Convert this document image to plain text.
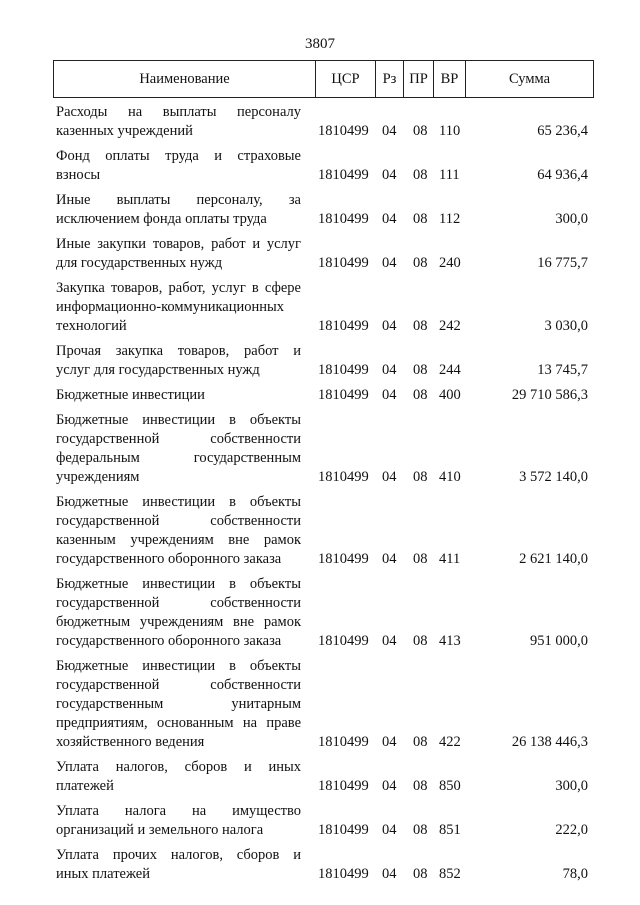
3807
Наименование	ЦСР	Рз ПР ВР	Сумма
Расходы на выплаты персоналу
казенных учреждений	1810499 04 08 110	65 236,4
Фонд оплаты труда и страховые
взносы	1810499 04 08 111	64 936,4
Иные выплаты персоналу, за
исключением фонда оплаты труда	1810499 04 08 112	300,0
Иные закупки товаров, работ и услуг
для государственных нужд	1810499 04 08 240	16 775,7
Закупка товаров, работ, услуг в сфере
информационно-коммуникационных
технологий	1810499 04 08 242	3 030,0
Прочая закупка товаров, работ и
услуг для государственных нужд	1810499 04 08 244	13 745,7
Бюджетные инвестиции	1810499 04 08 400	29 710 586,3
Бюджетные инвестиции в объекты
государственной собственности
федеральным государственным
учреждениям	1810499 04 08 410	3 572 140,0
Бюджетные инвестиции в объекты
государственной собственности
казенным учреждениям вне рамок
государственного оборонного заказа	1810499 04 08 411	2 621 140,0
Бюджетные инвестиции в объекты
государственной собственности
бюджетным учреждениям вне рамок
государственного оборонного заказа	1810499 04 08 413	951 000,0
Бюджетные инвестиции в объекты
государственной собственности
государственным унитарным
предприятиям, основанным на праве
хозяйственного ведения	1810499 04 08 422	26 138 446,3
Уплата налогов, сборов и иных
платежей	1810499 04 08 850	300,0
Уплата налога на имущество
организаций и земельного налога	1810499 04 08 851	222,0
Уплата прочих налогов, сборов и
иных платежей	1810499 04 08 852	78,0
